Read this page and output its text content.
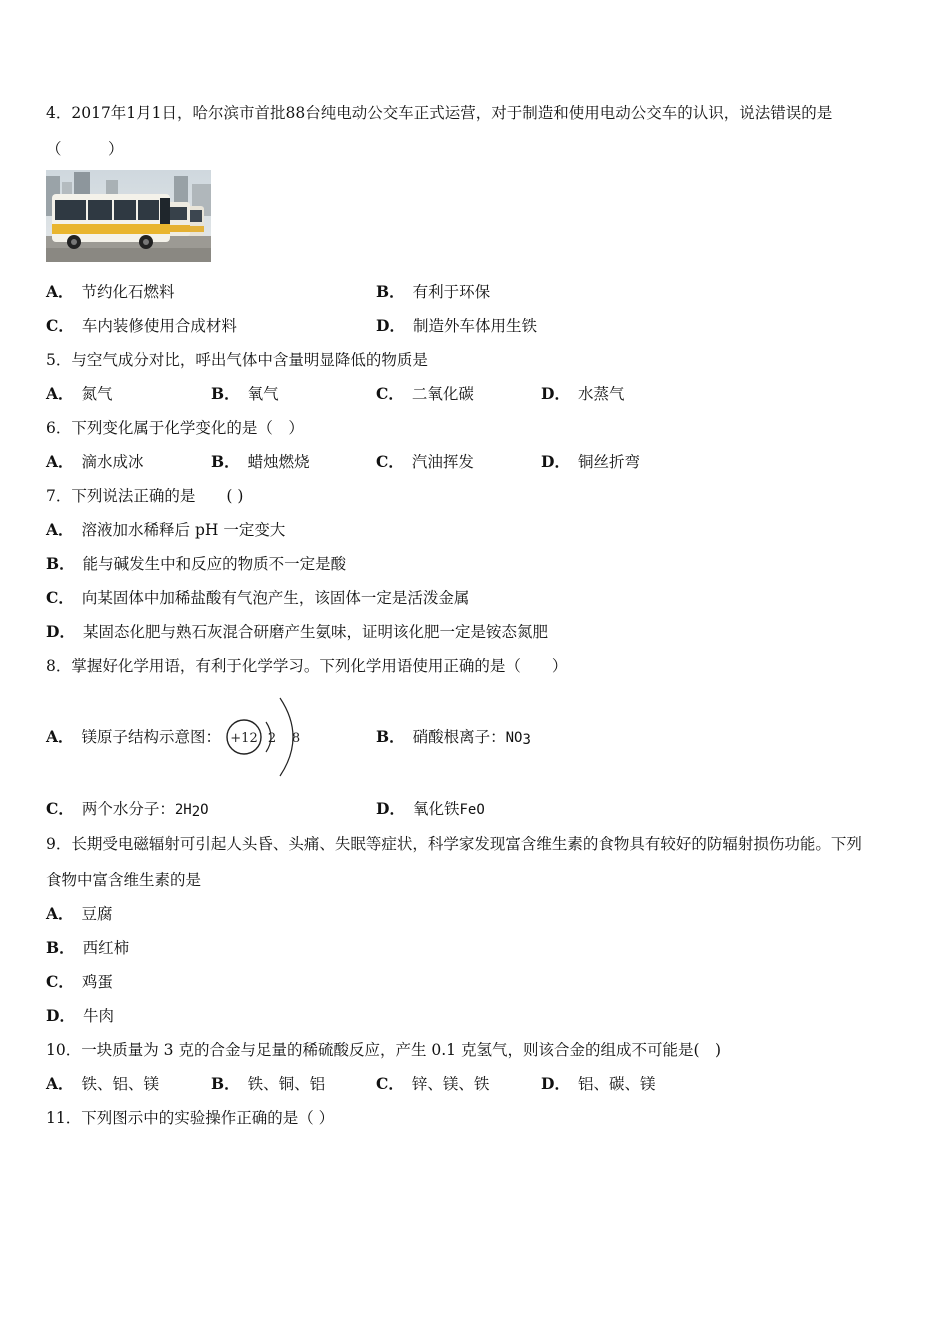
4．2017年1月1日，哈尔滨市首批88台纯电动公交车正式运营，对于制造和使用电动公交车的认识，说法错误的是
（　　　）
A． 节约化石燃料	B． 有利于环保
C． 车内装修使用合成材料	D． 制造外车体用生铁
5．与空气成分对比，呼出气体中含量明显降低的物质是
A． 氮气	B． 氧气	C． 二氧化碳	D． 水蒸气
6．下列变化属于化学变化的是（　）
A． 滴水成冰	B． 蜡烛燃烧	C． 汽油挥发	D． 铜丝折弯
7．下列说法正确的是　　( )
A． 溶液加水稀释后 pH 一定变大
B． 能与碱发生中和反应的物质不一定是酸
C． 向某固体中加稀盐酸有气泡产生，该固体一定是活泼金属
D． 某固态化肥与熟石灰混合研磨产生氨味，证明该化肥一定是铵态氮肥
8．掌握好化学用语，有利于化学学习。下列化学用语使用正确的是（　　）
A． 镁原子结构示意图： +12 2 8	B． 硝酸根离子：NO3
C． 两个水分子：2H2O	D． 氧化铁FeO
9．长期受电磁辐射可引起人头昏、头痛、失眠等症状，科学家发现富含维生素的食物具有较好的防辐射损伤功能。下列
食物中富含维生素的是
A． 豆腐
B． 西红柿
C． 鸡蛋
D． 牛肉
10．一块质量为 3 克的合金与足量的稀硫酸反应，产生 0.1 克氢气，则该合金的组成不可能是(　)
A． 铁、铝、镁	B． 铁、铜、铝	C． 锌、镁、铁	D． 铝、碳、镁
11．下列图示中的实验操作正确的是（ ）
